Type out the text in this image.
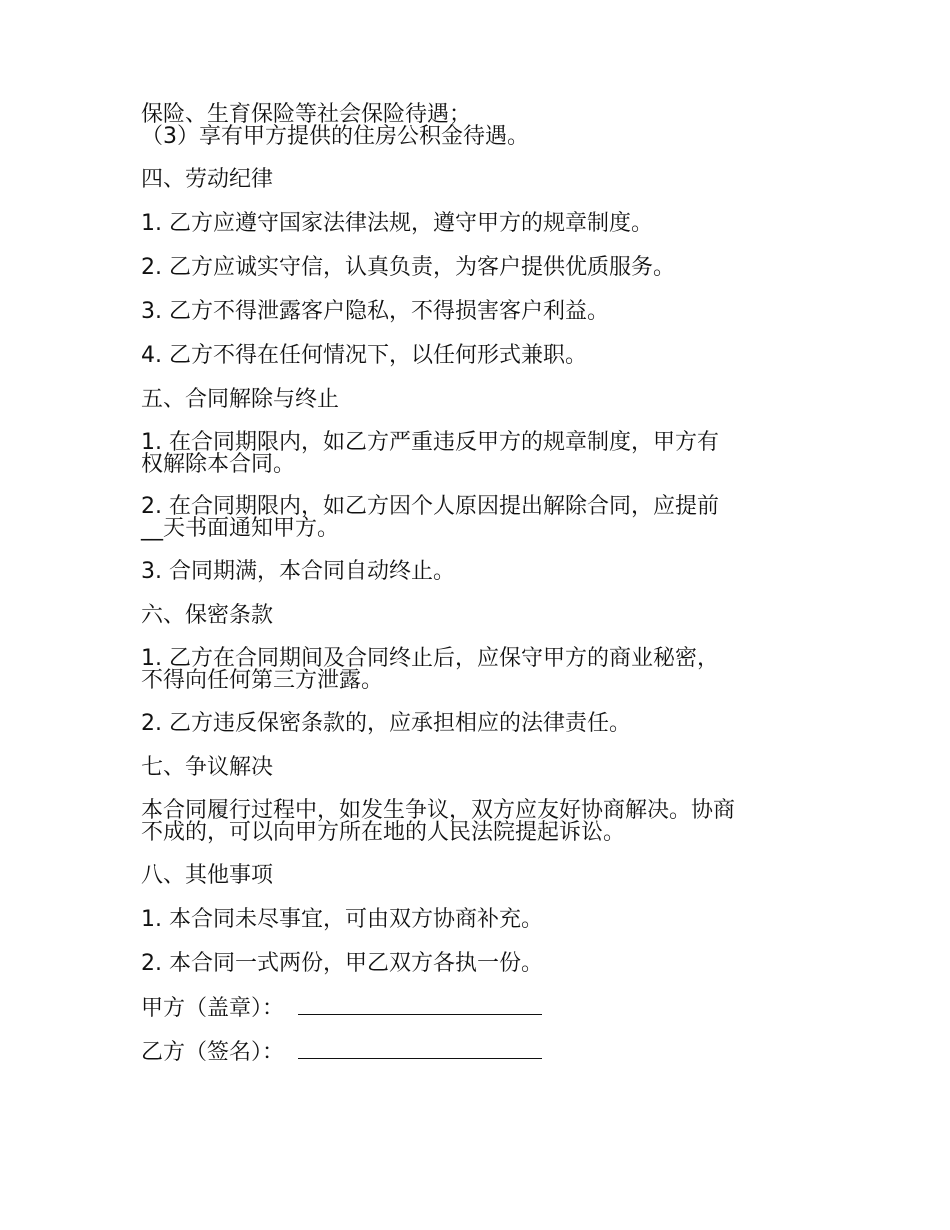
保险、生育保险等社会保险待遇；
（3）享有甲方提供的住房公积金待遇。
四、劳动纪律
1. 乙方应遵守国家法律法规，遵守甲方的规章制度。
2. 乙方应诚实守信，认真负责，为客户提供优质服务。
3. 乙方不得泄露客户隐私，不得损害客户利益。
4. 乙方不得在任何情况下，以任何形式兼职。
五、合同解除与终止
1. 在合同期限内，如乙方严重违反甲方的规章制度，甲方有
权解除本合同。
2. 在合同期限内，如乙方因个人原因提出解除合同，应提前
__天书面通知甲方。
3. 合同期满，本合同自动终止。
六、保密条款
1. 乙方在合同期间及合同终止后，应保守甲方的商业秘密，
不得向任何第三方泄露。
2. 乙方违反保密条款的，应承担相应的法律责任。
七、争议解决
本合同履行过程中，如发生争议，双方应友好协商解决。协商
不成的，可以向甲方所在地的人民法院提起诉讼。
八、其他事项
1. 本合同未尽事宜，可由双方协商补充。
2. 本合同一式两份，甲乙双方各执一份。
甲方（盖章）：
乙方（签名）：
